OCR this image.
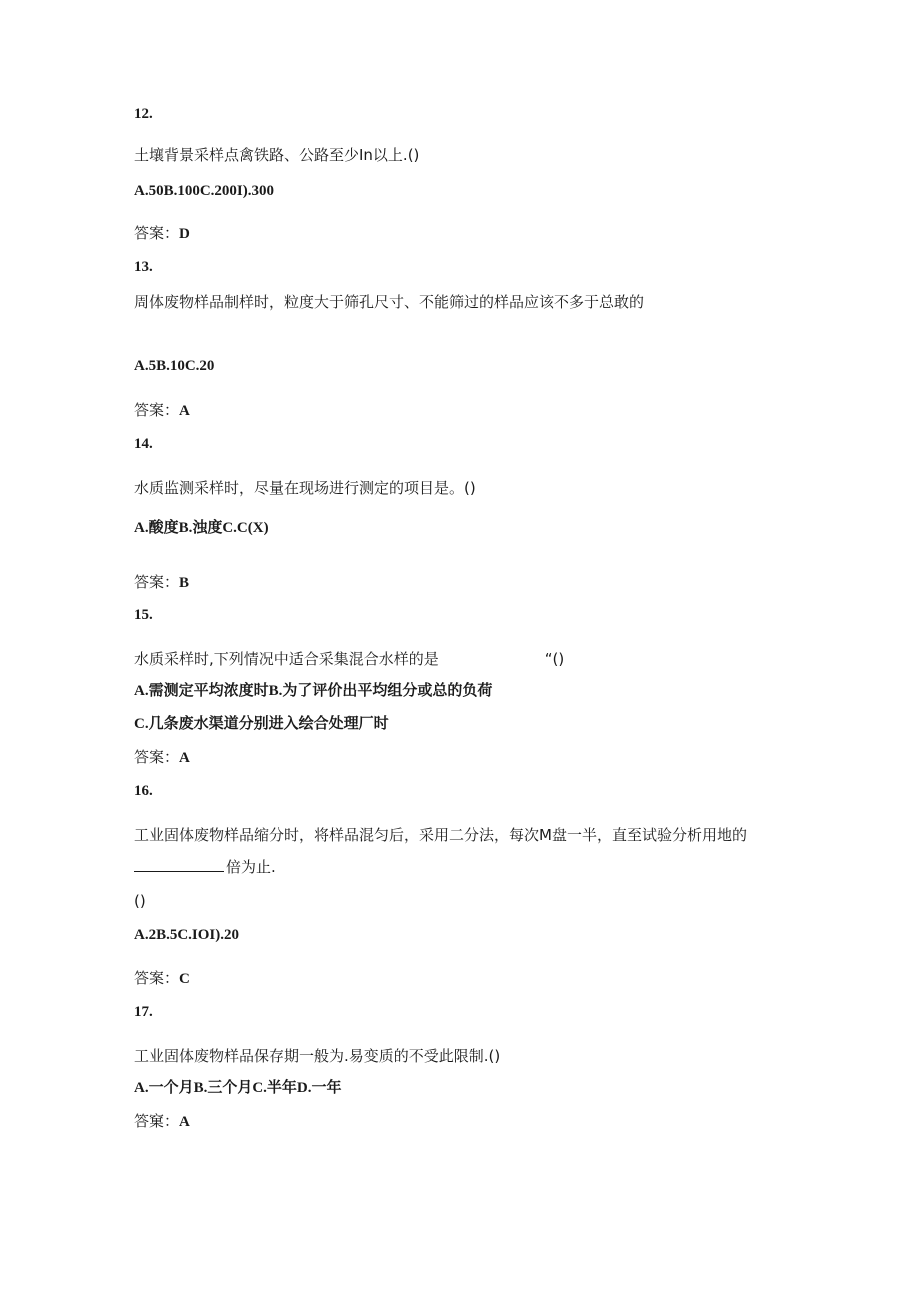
12.
土壤背景采样点禽铁路、公路至少In以上.()
A.50B.100C.200I).300
答案：D
13.
周体废物样品制样时，粒度大于筛孔尺寸、不能筛过的样品应该不多于总敢的
A.5B.10C.20
答案：A
14.
水质监测采样时，尽量在现场进行测定的项目是。()
A.酸度B.浊度C.C(X)
答案：B
15.
水质采样时,下列情况中适合采集混合水样的是	“()
A.需测定平均浓度时B.为了评价出平均组分或总的负荷
C.几条废水渠道分别进入绘合处理厂时
答案：A
16.
工业固体废物样品缩分时，将样品混匀后，采用二分法，每次M盘一半，直至试验分析用地的
倍为止.
()
A.2B.5C.IOI).20
答案：C
17.
工业固体废物样品保存期一般为.易变质的不受此限制.()
A.一个月B.三个月C.半年D.一年
答窠：A
